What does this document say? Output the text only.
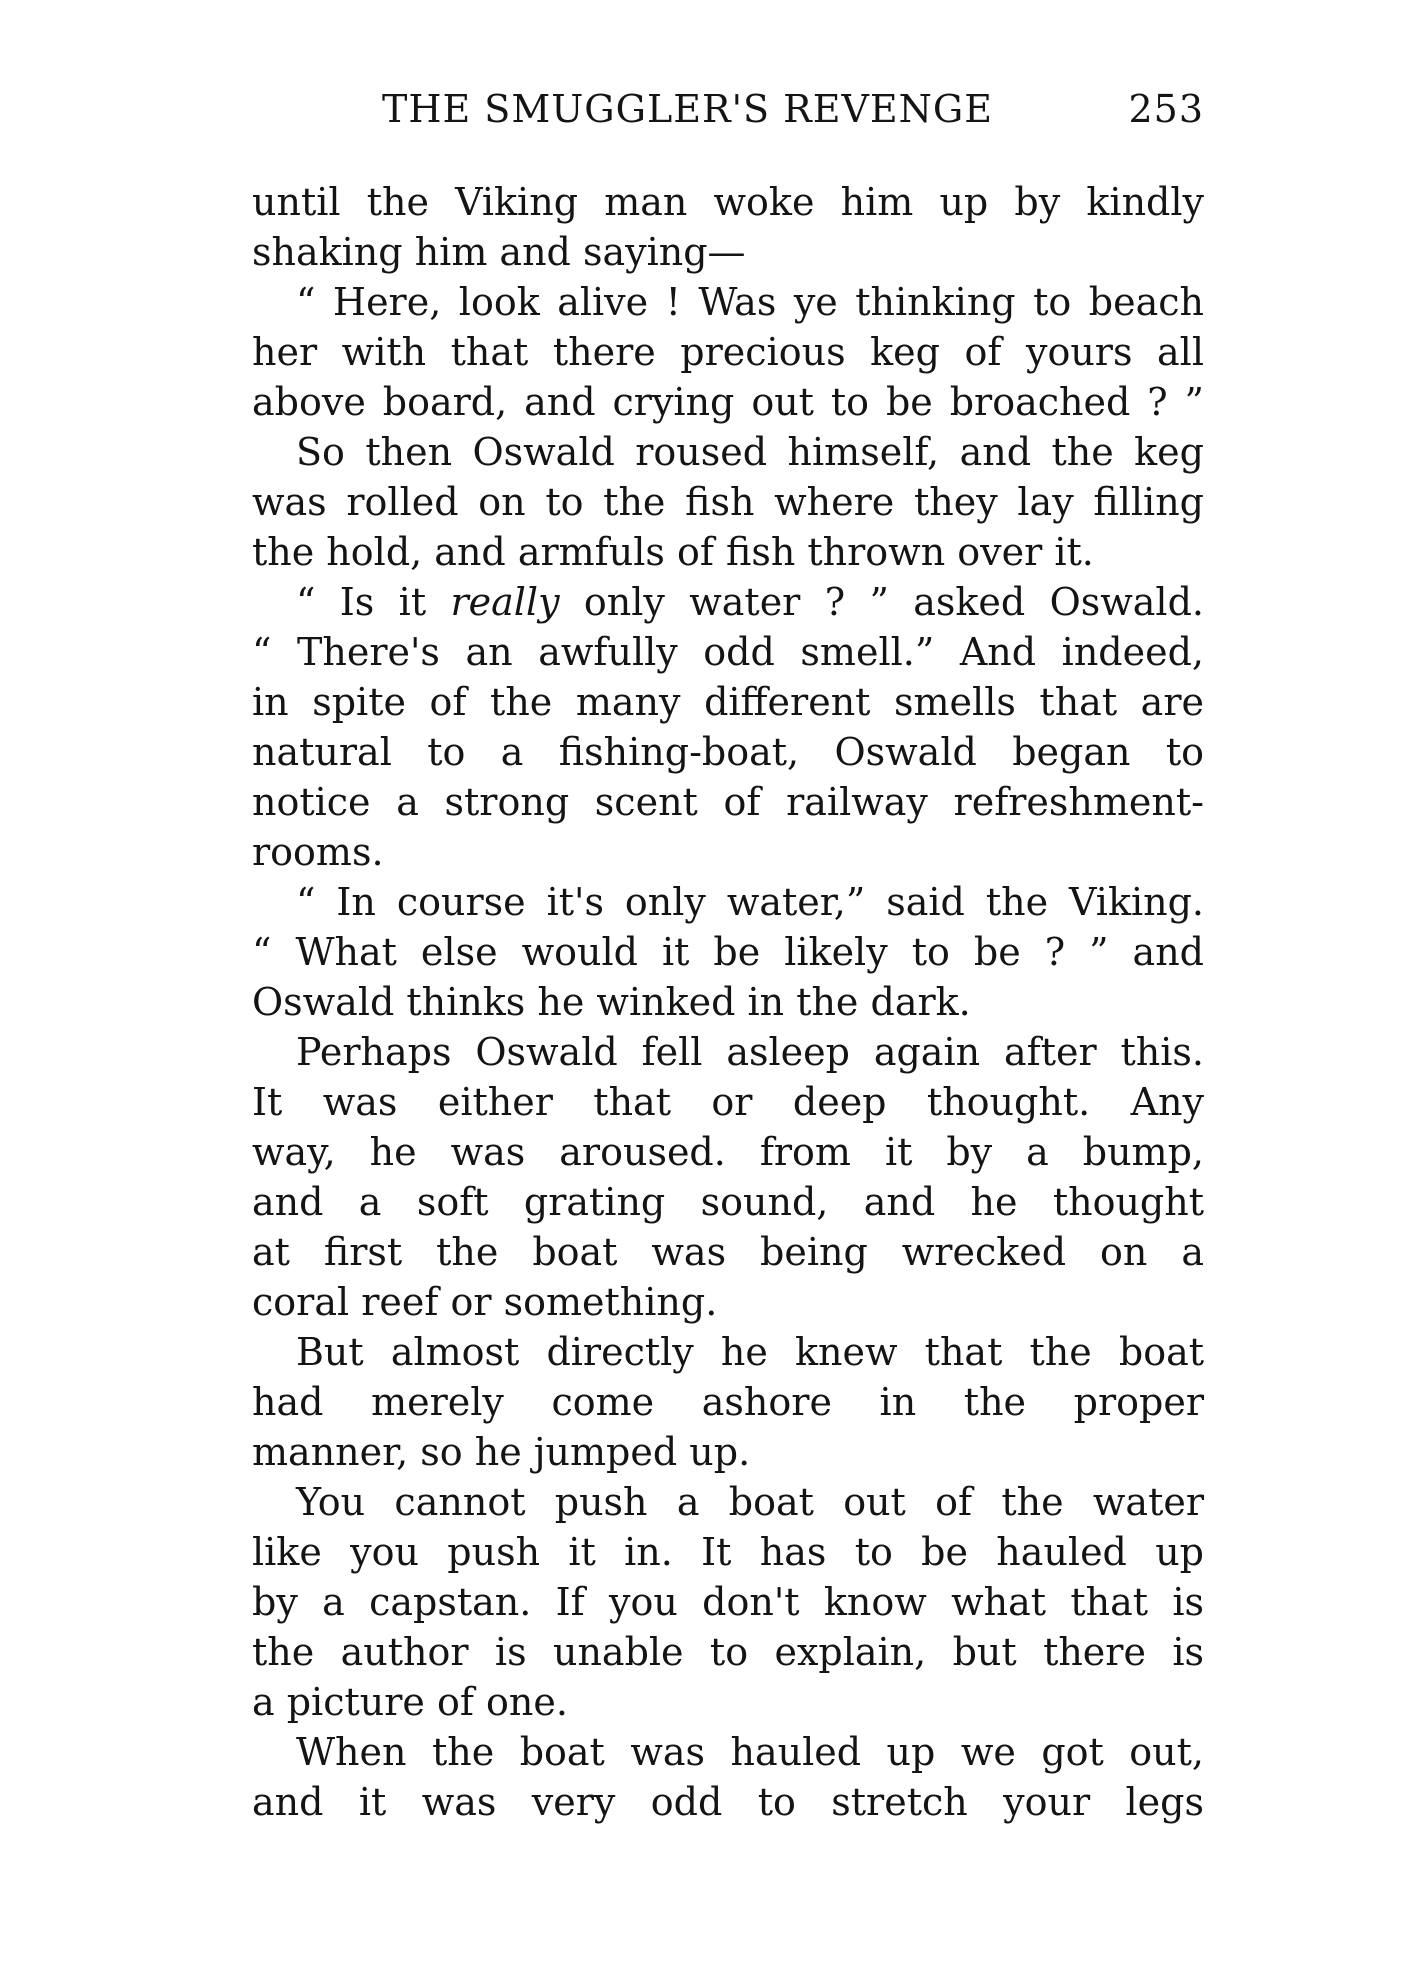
THE SMUGGLER'S REVENGE	253
until the Viking man woke him up by kindly
shaking him and saying—
“ Here, look alive ! Was ye thinking to beach
her with that there precious keg of yours all
above board, and crying out to be broached ? ”
So then Oswald roused himself, and the keg
was rolled on to the fish where they lay filling
the hold, and armfuls of fish thrown over it.
“ Is it really only water ? ” asked Oswald.
“ There's an awfully odd smell.” And indeed,
in spite of the many different smells that are
natural to a fishing-boat, Oswald began to
notice a strong scent of railway refreshment-
rooms.
“ In course it's only water,” said the Viking.
“ What else would it be likely to be ? ” and
Oswald thinks he winked in the dark.
Perhaps Oswald fell asleep again after this.
It was either that or deep thought. Any
way, he was aroused. from it by a bump,
and a soft grating sound, and he thought
at first the boat was being wrecked on a
coral reef or something.
But almost directly he knew that the boat
had merely come ashore in the proper
manner, so he jumped up.
You cannot push a boat out of the water
like you push it in. It has to be hauled up
by a capstan. If you don't know what that is
the author is unable to explain, but there is
a picture of one.
When the boat was hauled up we got out,
and it was very odd to stretch your legs
